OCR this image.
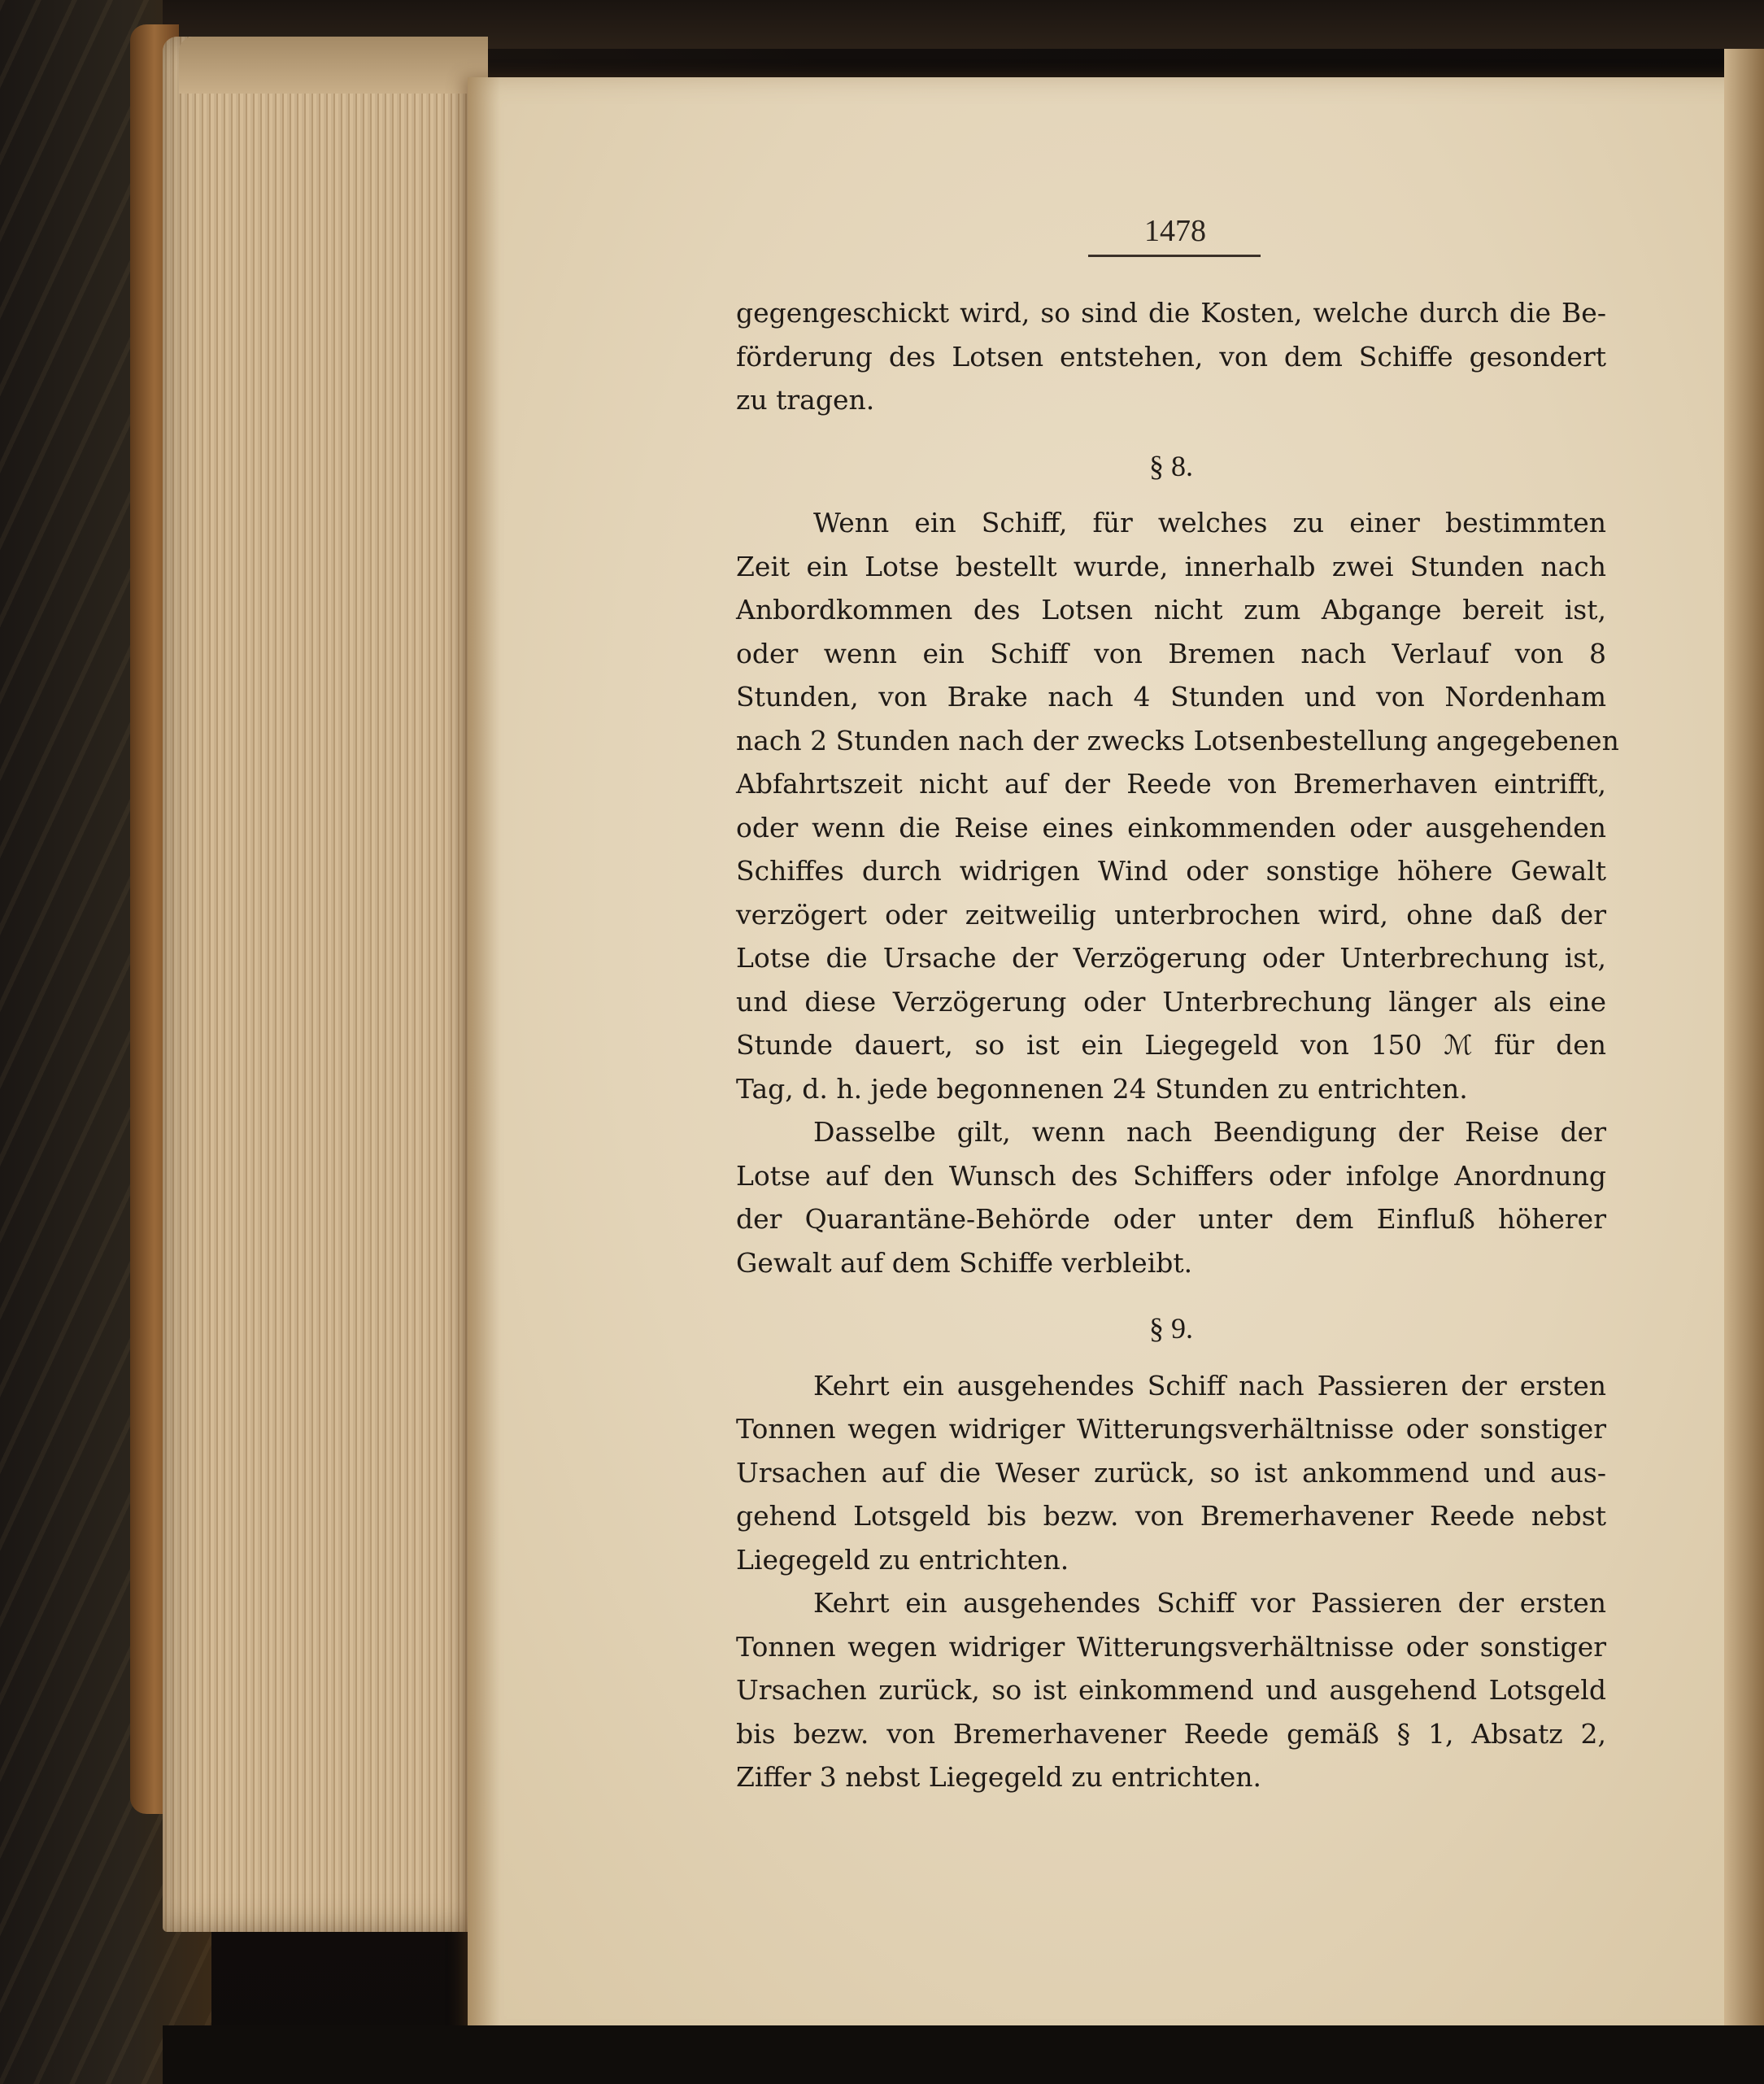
1478

gegengeschickt wird, so sind die Kosten, welche durch die Be-
förderung des Lotsen entstehen, von dem Schiffe gesondert
zu tragen.

§ 8.

Wenn ein Schiff, für welches zu einer bestimmten
Zeit ein Lotse bestellt wurde, innerhalb zwei Stunden nach
Anbordkommen des Lotsen nicht zum Abgange bereit ist,
oder wenn ein Schiff von Bremen nach Verlauf von 8
Stunden, von Brake nach 4 Stunden und von Nordenham
nach 2 Stunden nach der zwecks Lotsenbestellung angegebenen
Abfahrtszeit nicht auf der Reede von Bremerhaven eintrifft,
oder wenn die Reise eines einkommenden oder ausgehenden
Schiffes durch widrigen Wind oder sonstige höhere Gewalt
verzögert oder zeitweilig unterbrochen wird, ohne daß der
Lotse die Ursache der Verzögerung oder Unterbrechung ist,
und diese Verzögerung oder Unterbrechung länger als eine
Stunde dauert, so ist ein Liegegeld von 150 ℳ für den
Tag, d. h. jede begonnenen 24 Stunden zu entrichten.

Dasselbe gilt, wenn nach Beendigung der Reise der
Lotse auf den Wunsch des Schiffers oder infolge Anordnung
der Quarantäne-Behörde oder unter dem Einfluß höherer
Gewalt auf dem Schiffe verbleibt.

§ 9.

Kehrt ein ausgehendes Schiff nach Passieren der ersten
Tonnen wegen widriger Witterungsverhältnisse oder sonstiger
Ursachen auf die Weser zurück, so ist ankommend und aus-
gehend Lotsgeld bis bezw. von Bremerhavener Reede nebst
Liegegeld zu entrichten.

Kehrt ein ausgehendes Schiff vor Passieren der ersten
Tonnen wegen widriger Witterungsverhältnisse oder sonstiger
Ursachen zurück, so ist einkommend und ausgehend Lotsgeld
bis bezw. von Bremerhavener Reede gemäß § 1, Absatz 2,
Ziffer 3 nebst Liegegeld zu entrichten.
